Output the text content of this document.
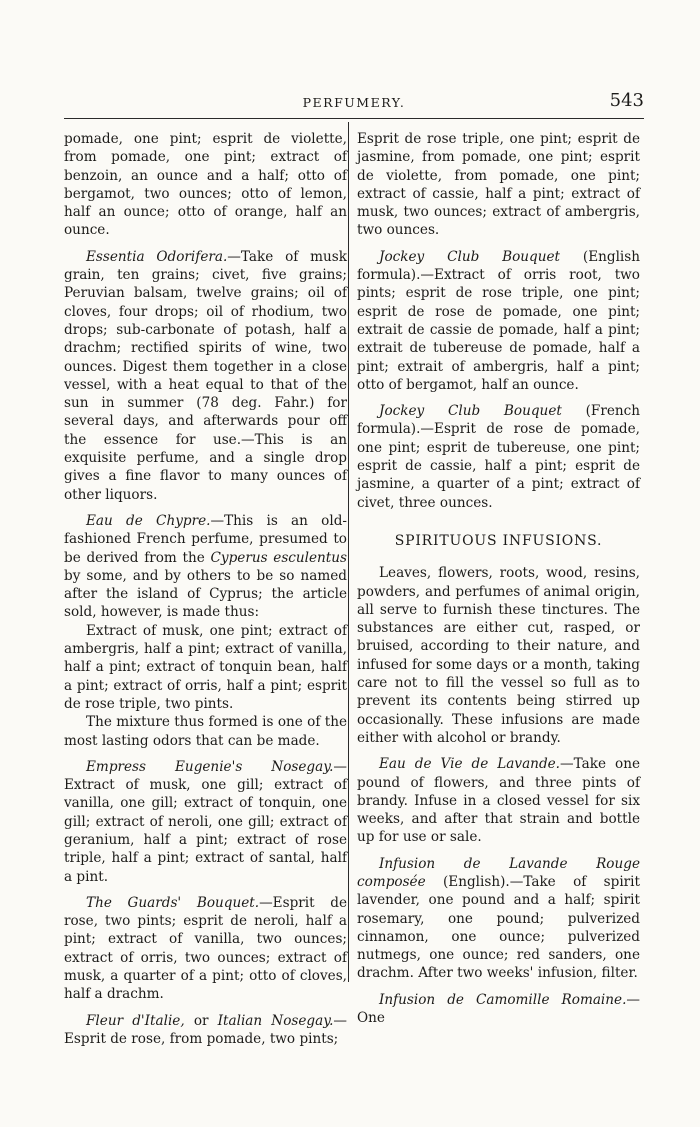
PERFUMERY.	543

pomade, one pint; esprit de violette, from pomade, one pint; extract of benzoin, an ounce and a half; otto of bergamot, two ounces; otto of lemon, half an ounce; otto of orange, half an ounce.

Essentia Odorifera.—Take of musk grain, ten grains; civet, five grains; Peruvian balsam, twelve grains; oil of cloves, four drops; oil of rhodium, two drops; sub-carbonate of potash, half a drachm; rectified spirits of wine, two ounces. Digest them together in a close vessel, with a heat equal to that of the sun in summer (78 deg. Fahr.) for several days, and afterwards pour off the essence for use.—This is an exquisite perfume, and a single drop gives a fine flavor to many ounces of other liquors.

Eau de Chypre.—This is an old-fashioned French perfume, presumed to be derived from the Cyperus esculentus by some, and by others to be so named after the island of Cyprus; the article sold, however, is made thus:

Extract of musk, one pint; extract of ambergris, half a pint; extract of vanilla, half a pint; extract of tonquin bean, half a pint; extract of orris, half a pint; esprit de rose triple, two pints.

The mixture thus formed is one of the most lasting odors that can be made.

Empress Eugenie's Nosegay.—Extract of musk, one gill; extract of vanilla, one gill; extract of tonquin, one gill; extract of neroli, one gill; extract of geranium, half a pint; extract of rose triple, half a pint; extract of santal, half a pint.

The Guards' Bouquet.—Esprit de rose, two pints; esprit de neroli, half a pint; extract of vanilla, two ounces; extract of orris, two ounces; extract of musk, a quarter of a pint; otto of cloves, half a drachm.

Fleur d'Italie, or Italian Nosegay.—Esprit de rose, from pomade, two pints;

Esprit de rose triple, one pint; esprit de jasmine, from pomade, one pint; esprit de violette, from pomade, one pint; extract of cassie, half a pint; extract of musk, two ounces; extract of ambergris, two ounces.

Jockey Club Bouquet (English formula).—Extract of orris root, two pints; esprit de rose triple, one pint; esprit de rose de pomade, one pint; extrait de cassie de pomade, half a pint; extrait de tubereuse de pomade, half a pint; extrait of ambergris, half a pint; otto of bergamot, half an ounce.

Jockey Club Bouquet (French formula).—Esprit de rose de pomade, one pint; esprit de tubereuse, one pint; esprit de cassie, half a pint; esprit de jasmine, a quarter of a pint; extract of civet, three ounces.

SPIRITUOUS INFUSIONS.

Leaves, flowers, roots, wood, resins, powders, and perfumes of animal origin, all serve to furnish these tinctures. The substances are either cut, rasped, or bruised, according to their nature, and infused for some days or a month, taking care not to fill the vessel so full as to prevent its contents being stirred up occasionally. These infusions are made either with alcohol or brandy.

Eau de Vie de Lavande.—Take one pound of flowers, and three pints of brandy. Infuse in a closed vessel for six weeks, and after that strain and bottle up for use or sale.

Infusion de Lavande Rouge composée (English).—Take of spirit lavender, one pound and a half; spirit rosemary, one pound; pulverized cinnamon, one ounce; pulverized nutmegs, one ounce; red sanders, one drachm. After two weeks' infusion, filter.

Infusion de Camomille Romaine.—One
